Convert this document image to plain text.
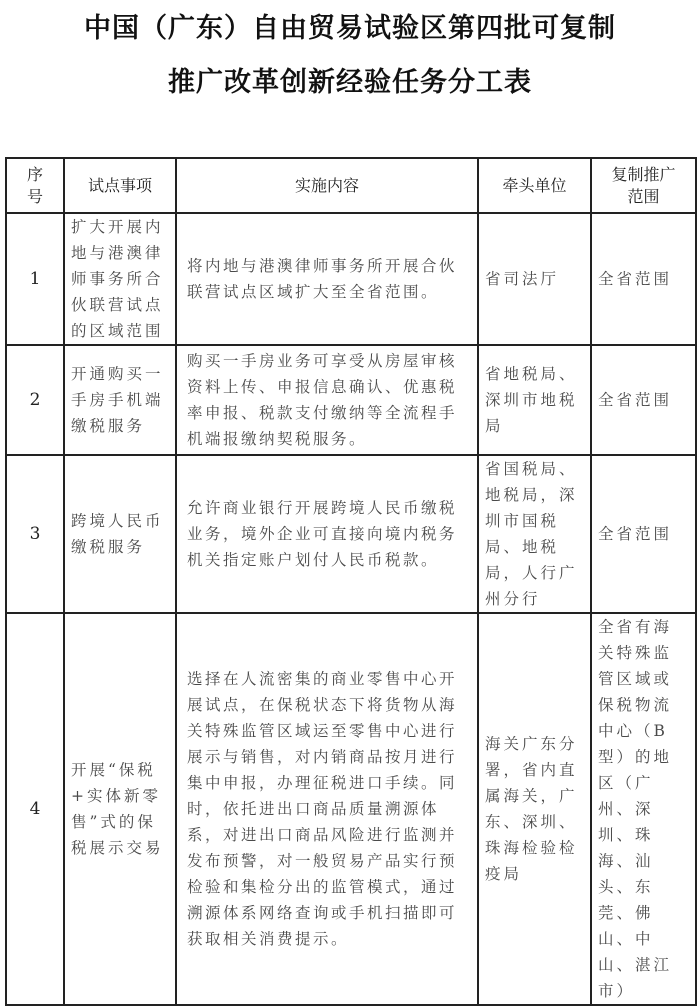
中国（广东）自由贸易试验区第四批可复制
推广改革创新经验任务分工表
序号	试点事项	实施内容	牵头单位	复制推广范围
1	扩大开展内地与港澳律师事务所合伙联营试点的区域范围	将内地与港澳律师事务所开展合伙联营试点区域扩大至全省范围。	省司法厅	全省范围
2	开通购买一手房手机端缴税服务	购买一手房业务可享受从房屋审核资料上传、申报信息确认、优惠税率申报、税款支付缴纳等全流程手机端报缴纳契税服务。	省地税局、深圳市地税局	全省范围
3	跨境人民币缴税服务	允许商业银行开展跨境人民币缴税业务，境外企业可直接向境内税务机关指定账户划付人民币税款。	省国税局、地税局，深圳市国税局、地税局，人行广州分行	全省范围
4	开展“保税+实体新零售”式的保税展示交易	选择在人流密集的商业零售中心开展试点，在保税状态下将货物从海关特殊监管区域运至零售中心进行展示与销售，对内销商品按月进行集中申报，办理征税进口手续。同时，依托进出口商品质量溯源体系，对进出口商品风险进行监测并发布预警，对一般贸易产品实行预检验和集检分出的监管模式，通过溯源体系网络查询或手机扫描即可获取相关消费提示。	海关广东分署，省内直属海关，广东、深圳、珠海检验检疫局	全省有海关特殊监管区域或保税物流中心（B型）的地区（广州、深圳、珠海、汕头、东莞、佛山、中山、湛江市）
